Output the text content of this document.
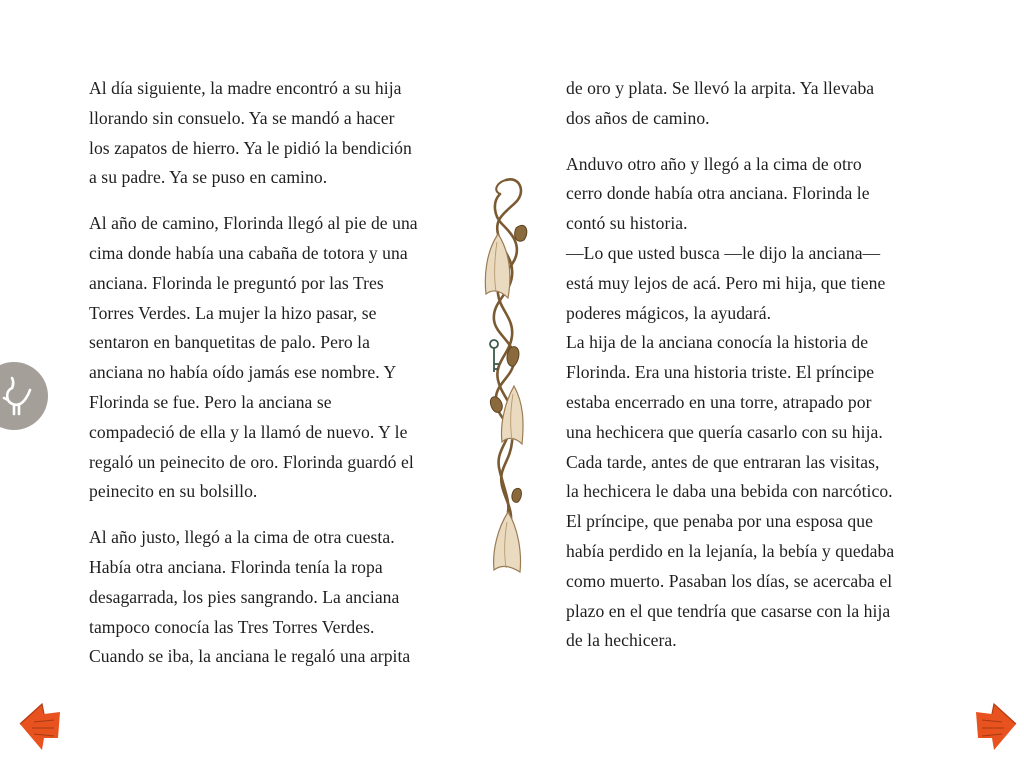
Al día siguiente, la madre encontró a su hija
llorando sin consuelo. Ya se mandó a hacer
los zapatos de hierro. Ya le pidió la bendición
a su padre. Ya se puso en camino.

Al año de camino, Florinda llegó al pie de una
cima donde había una cabaña de totora y una
anciana. Florinda le preguntó por las Tres
Torres Verdes. La mujer la hizo pasar, se
sentaron en banquetitas de palo. Pero la
anciana no había oído jamás ese nombre. Y
Florinda se fue. Pero la anciana se
compadeció de ella y la llamó de nuevo. Y le
regaló un peinecito de oro. Florinda guardó el
peinecito en su bolsillo.

Al año justo, llegó a la cima de otra cuesta.
Había otra anciana. Florinda tenía la ropa
desagarrada, los pies sangrando. La anciana
tampoco conocía las Tres Torres Verdes.
Cuando se iba, la anciana le regaló una arpita

de oro y plata. Se llevó la arpita. Ya llevaba
dos años de camino.

Anduvo otro año y llegó a la cima de otro
cerro donde había otra anciana. Florinda le
contó su historia.
—Lo que usted busca —le dijo la anciana—
está muy lejos de acá. Pero mi hija, que tiene
poderes mágicos, la ayudará.
La hija de la anciana conocía la historia de
Florinda. Era una historia triste. El príncipe
estaba encerrado en una torre, atrapado por
una hechicera que quería casarlo con su hija.
Cada tarde, antes de que entraran las visitas,
la hechicera le daba una bebida con narcótico.
El príncipe, que penaba por una esposa que
había perdido en la lejanía, la bebía y quedaba
como muerto. Pasaban los días, se acercaba el
plazo en el que tendría que casarse con la hija
de la hechicera.
